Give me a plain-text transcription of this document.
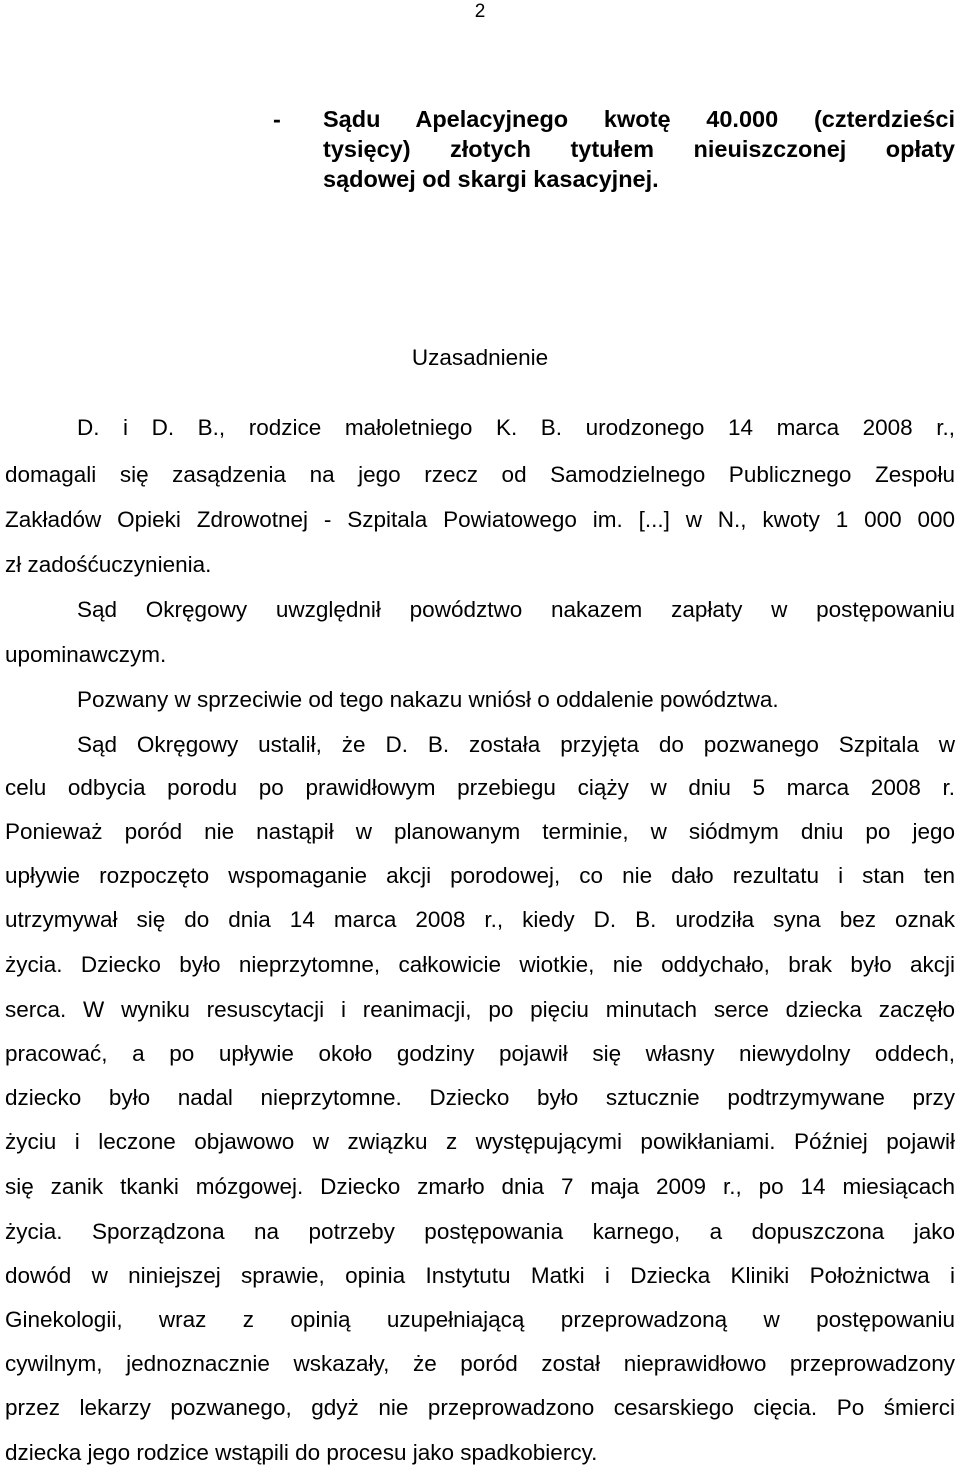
2
- Sądu Apelacyjnego kwotę 40.000 (czterdzieści
tysięcy) złotych tytułem nieuiszczonej opłaty
sądowej od skargi kasacyjnej.
Uzasadnienie
D. i D. B., rodzice małoletniego K. B. urodzonego 14 marca 2008 r.,
domagali się zasądzenia na jego rzecz od Samodzielnego Publicznego Zespołu
Zakładów Opieki Zdrowotnej - Szpitala Powiatowego im. [...] w N., kwoty 1 000 000
zł zadośćuczynienia.
Sąd Okręgowy uwzględnił powództwo nakazem zapłaty w postępowaniu
upominawczym.
Pozwany w sprzeciwie od tego nakazu wniósł o oddalenie powództwa.
Sąd Okręgowy ustalił, że D. B. została przyjęta do pozwanego Szpitala w
celu odbycia porodu po prawidłowym przebiegu ciąży w dniu 5 marca 2008 r.
Ponieważ poród nie nastąpił w planowanym terminie, w siódmym dniu po jego
upływie rozpoczęto wspomaganie akcji porodowej, co nie dało rezultatu i stan ten
utrzymywał się do dnia 14 marca 2008 r., kiedy D. B. urodziła syna bez oznak
życia. Dziecko było nieprzytomne, całkowicie wiotkie, nie oddychało, brak było akcji
serca. W wyniku resuscytacji i reanimacji, po pięciu minutach serce dziecka zaczęło
pracować, a po upływie około godziny pojawił się własny niewydolny oddech,
dziecko było nadal nieprzytomne. Dziecko było sztucznie podtrzymywane przy
życiu i leczone objawowo w związku z występującymi powikłaniami. Później pojawił
się zanik tkanki mózgowej. Dziecko zmarło dnia 7 maja 2009 r., po 14 miesiącach
życia. Sporządzona na potrzeby postępowania karnego, a dopuszczona jako
dowód w niniejszej sprawie, opinia Instytutu Matki i Dziecka Kliniki Położnictwa i
Ginekologii, wraz z opinią uzupełniającą przeprowadzoną w postępowaniu
cywilnym, jednoznacznie wskazały, że poród został nieprawidłowo przeprowadzony
przez lekarzy pozwanego, gdyż nie przeprowadzono cesarskiego cięcia. Po śmierci
dziecka jego rodzice wstąpili do procesu jako spadkobiercy.
